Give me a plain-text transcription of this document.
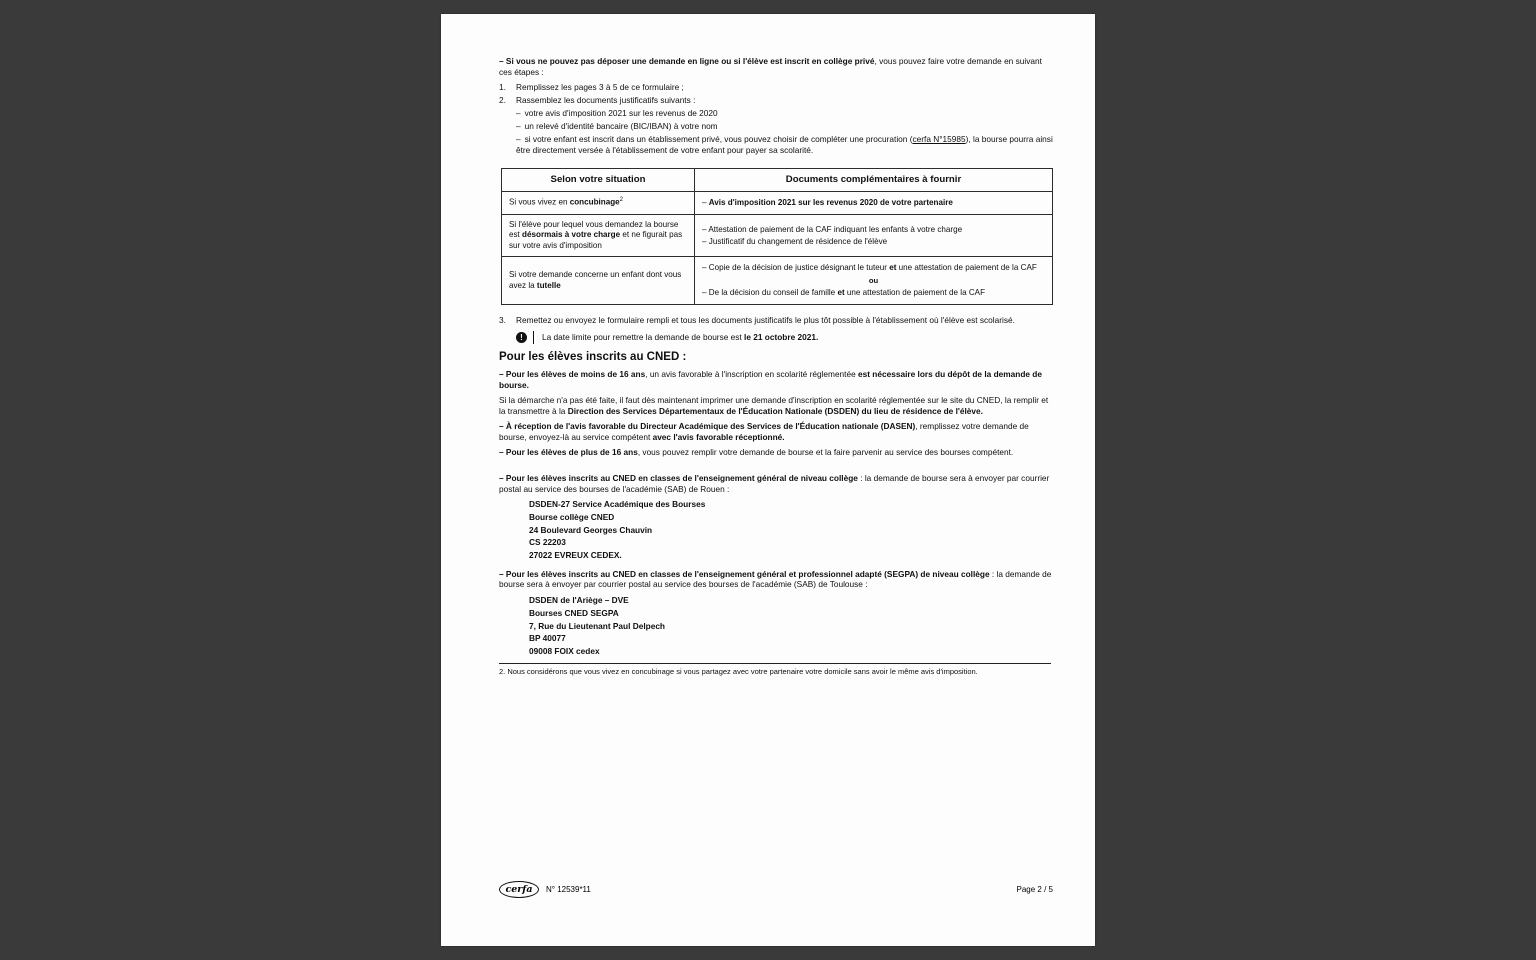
– Si vous ne pouvez pas déposer une demande en ligne ou si l'élève est inscrit en collège privé, vous pouvez faire votre demande en suivant ces étapes :

1.	Remplissez les pages 3 à 5 de ce formulaire ;
2.	Rassemblez les documents justificatifs suivants :
– votre avis d'imposition 2021 sur les revenus de 2020
– un relevé d'identité bancaire (BIC/IBAN) à votre nom
– si votre enfant est inscrit dans un établissement privé, vous pouvez choisir de compléter une procuration (cerfa N°15985), la bourse pourra ainsi être directement versée à l'établissement de votre enfant pour payer sa scolarité.
Selon votre situation	Documents complémentaires à fournir
Si vous vivez en concubinage$^2$	– Avis d'imposition 2021 sur les revenus 2020 de votre partenaire

Si l'élève pour lequel vous demandez la bourse est désormais à votre charge et ne figurait pas sur votre avis d'imposition	– Attestation de paiement de la CAF indiquant les enfants à votre charge
– Justificatif du changement de résidence de l'élève

Si votre demande concerne un enfant dont vous avez la tutelle	– Copie de la décision de justice désignant le tuteur et une attestation de paiement de la CAF
ou
– De la décision du conseil de famille et une attestation de paiement de la CAF
3.	Remettez ou envoyez le formulaire rempli et tous les documents justificatifs le plus tôt possible à l'établissement où l'élève est scolarisé.
!	La date limite pour remettre la demande de bourse est le 21 octobre 2021.
Pour les élèves inscrits au CNED :

– Pour les élèves de moins de 16 ans, un avis favorable à l'inscription en scolarité réglementée est nécessaire lors du dépôt de la demande de bourse.

Si la démarche n'a pas été faite, il faut dès maintenant imprimer une demande d'inscription en scolarité réglementée sur le site du CNED, la remplir et la transmettre à la Direction des Services Départementaux de l'Éducation Nationale (DSDEN) du lieu de résidence de l'élève.

– À réception de l'avis favorable du Directeur Académique des Services de l'Éducation nationale (DASEN), remplissez votre demande de bourse, envoyez-là au service compétent avec l'avis favorable réceptionné.

– Pour les élèves de plus de 16 ans, vous pouvez remplir votre demande de bourse et la faire parvenir au service des bourses compétent.

– Pour les élèves inscrits au CNED en classes de l'enseignement général de niveau collège : la demande de bourse sera à envoyer par courrier postal au service des bourses de l'académie (SAB) de Rouen :

DSDEN-27 Service Académique des Bourses
Bourse collège CNED
24 Boulevard Georges Chauvin
CS 22203
27022 EVREUX CEDEX.

– Pour les élèves inscrits au CNED en classes de l'enseignement général et professionnel adapté (SEGPA) de niveau collège : la demande de bourse sera à envoyer par courrier postal au service des bourses de l'académie (SAB) de Toulouse :

DSDEN de l'Ariège – DVE
Bourses CNED SEGPA
7, Rue du Lieutenant Paul Delpech
BP 40077
09008 FOIX cedex
2. Nous considérons que vous vivez en concubinage si vous partagez avec votre partenaire votre domicile sans avoir le même avis d'imposition.
cerfa	N° 12539*11	Page 2 / 5
